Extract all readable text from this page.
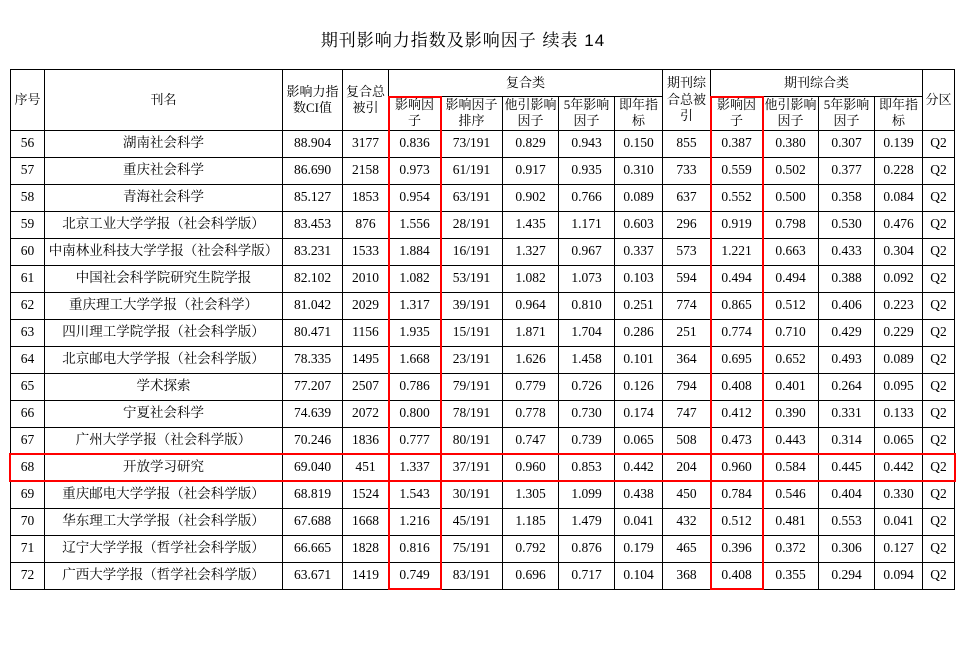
期刊影响力指数及影响因子 续表 14
序号	刊名	影响力指数CI值	复合总被引	复合类					期刊综合总被引	期刊综合类				分区
				影响因子	影响因子排序	他引影响因子	5年影响因子	即年指标		影响因子	他引影响因子	5年影响因子	即年指标	
56	湖南社会科学	88.904	3177	0.836	73/191	0.829	0.943	0.150	855	0.387	0.380	0.307	0.139	Q2
57	重庆社会科学	86.690	2158	0.973	61/191	0.917	0.935	0.310	733	0.559	0.502	0.377	0.228	Q2
58	青海社会科学	85.127	1853	0.954	63/191	0.902	0.766	0.089	637	0.552	0.500	0.358	0.084	Q2
59	北京工业大学学报（社会科学版）	83.453	876	1.556	28/191	1.435	1.171	0.603	296	0.919	0.798	0.530	0.476	Q2
60	中南林业科技大学学报（社会科学版）	83.231	1533	1.884	16/191	1.327	0.967	0.337	573	1.221	0.663	0.433	0.304	Q2
61	中国社会科学院研究生院学报	82.102	2010	1.082	53/191	1.082	1.073	0.103	594	0.494	0.494	0.388	0.092	Q2
62	重庆理工大学学报（社会科学）	81.042	2029	1.317	39/191	0.964	0.810	0.251	774	0.865	0.512	0.406	0.223	Q2
63	四川理工学院学报（社会科学版）	80.471	1156	1.935	15/191	1.871	1.704	0.286	251	0.774	0.710	0.429	0.229	Q2
64	北京邮电大学学报（社会科学版）	78.335	1495	1.668	23/191	1.626	1.458	0.101	364	0.695	0.652	0.493	0.089	Q2
65	学术探索	77.207	2507	0.786	79/191	0.779	0.726	0.126	794	0.408	0.401	0.264	0.095	Q2
66	宁夏社会科学	74.639	2072	0.800	78/191	0.778	0.730	0.174	747	0.412	0.390	0.331	0.133	Q2
67	广州大学学报（社会科学版）	70.246	1836	0.777	80/191	0.747	0.739	0.065	508	0.473	0.443	0.314	0.065	Q2
68	开放学习研究	69.040	451	1.337	37/191	0.960	0.853	0.442	204	0.960	0.584	0.445	0.442	Q2
69	重庆邮电大学学报（社会科学版）	68.819	1524	1.543	30/191	1.305	1.099	0.438	450	0.784	0.546	0.404	0.330	Q2
70	华东理工大学学报（社会科学版）	67.688	1668	1.216	45/191	1.185	1.479	0.041	432	0.512	0.481	0.553	0.041	Q2
71	辽宁大学学报（哲学社会科学版）	66.665	1828	0.816	75/191	0.792	0.876	0.179	465	0.396	0.372	0.306	0.127	Q2
72	广西大学学报（哲学社会科学版）	63.671	1419	0.749	83/191	0.696	0.717	0.104	368	0.408	0.355	0.294	0.094	Q2
